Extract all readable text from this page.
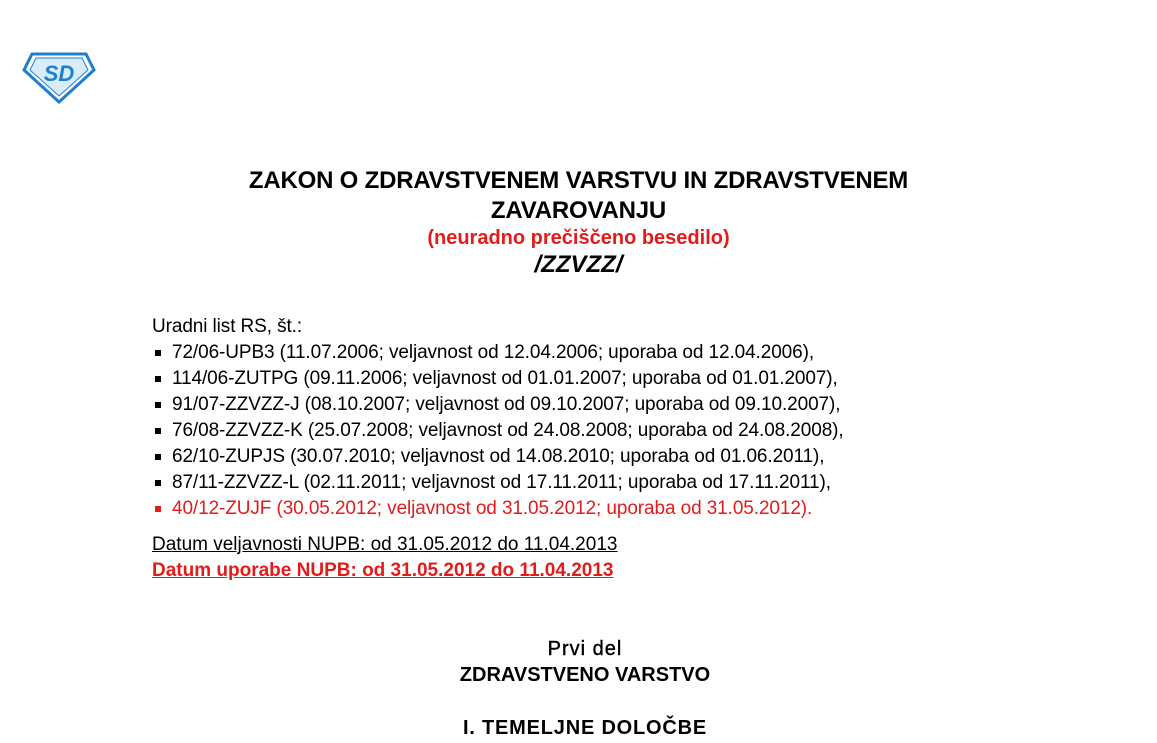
SD
ZAKON O ZDRAVSTVENEM VARSTVU IN ZDRAVSTVENEM
ZAVAROVANJU
(neuradno prečiščeno besedilo)
/ZZVZZ/
Uradni list RS, št.:
72/06-UPB3 (11.07.2006; veljavnost od 12.04.2006; uporaba od 12.04.2006),
114/06-ZUTPG (09.11.2006; veljavnost od 01.01.2007; uporaba od 01.01.2007),
91/07-ZZVZZ-J (08.10.2007; veljavnost od 09.10.2007; uporaba od 09.10.2007),
76/08-ZZVZZ-K (25.07.2008; veljavnost od 24.08.2008; uporaba od 24.08.2008),
62/10-ZUPJS (30.07.2010; veljavnost od 14.08.2010; uporaba od 01.06.2011),
87/11-ZZVZZ-L (02.11.2011; veljavnost od 17.11.2011; uporaba od 17.11.2011),
40/12-ZUJF (30.05.2012; veljavnost od 31.05.2012; uporaba od 31.05.2012).
Datum veljavnosti NUPB: od 31.05.2012 do 11.04.2013
Datum uporabe NUPB: od 31.05.2012 do 11.04.2013
Prvi del
ZDRAVSTVENO VARSTVO
I. TEMELJNE DOLOČBE
